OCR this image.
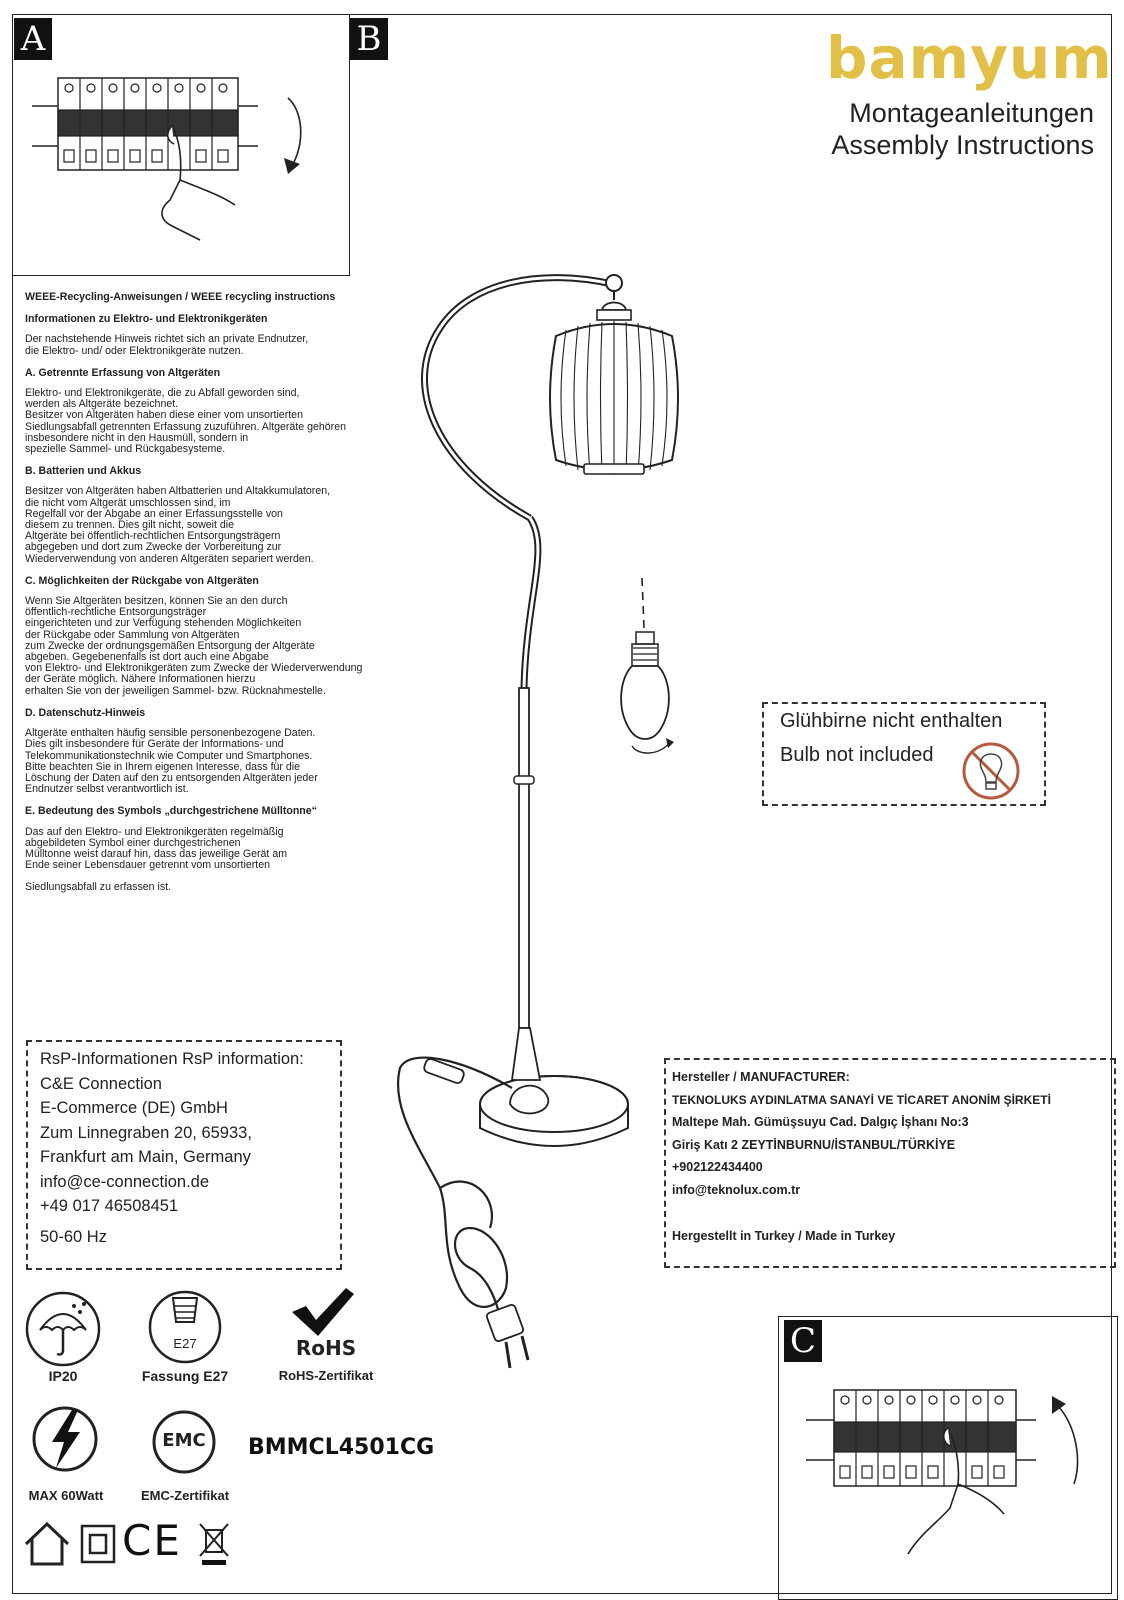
A	B	bamyum
Montageanleitungen
Assembly Instructions
WEEE-Recycling-Anweisungen / WEEE recycling instructions
Informationen zu Elektro- und Elektronikgeräten
Der nachstehende Hinweis richtet sich an private Endnutzer,
die Elektro- und/ oder Elektronikgeräte nutzen.
A. Getrennte Erfassung von Altgeräten
Elektro- und Elektronikgeräte, die zu Abfall geworden sind,
werden als Altgeräte bezeichnet.
Besitzer von Altgeräten haben diese einer vom unsortierten
Siedlungsabfall getrennten Erfassung zuzuführen. Altgeräte gehören
insbesondere nicht in den Hausmüll, sondern in
spezielle Sammel- und Rückgabesysteme.
B. Batterien und Akkus
Besitzer von Altgeräten haben Altbatterien und Altakkumulatoren,
die nicht vom Altgerät umschlossen sind, im
Regelfall vor der Abgabe an einer Erfassungsstelle von
diesem zu trennen. Dies gilt nicht, soweit die
Altgeräte bei öffentlich-rechtlichen Entsorgungsträgern
abgegeben und dort zum Zwecke der Vorbereitung zur
Wiederverwendung von anderen Altgeräten separiert werden.
C. Möglichkeiten der Rückgabe von Altgeräten
Wenn Sie Altgeräten besitzen, können Sie an den durch
öffentlich-rechtliche Entsorgungsträger
eingerichteten und zur Verfügung stehenden Möglichkeiten
der Rückgabe oder Sammlung von Altgeräten
zum Zwecke der ordnungsgemäßen Entsorgung der Altgeräte
abgeben. Gegebenenfalls ist dort auch eine Abgabe
von Elektro- und Elektronikgeräten zum Zwecke der Wiederverwendung
der Geräte möglich. Nähere Informationen hierzu
erhalten Sie von der jeweiligen Sammel- bzw. Rücknahmestelle.
D. Datenschutz-Hinweis
Altgeräte enthalten häufig sensible personenbezogene Daten.
Dies gilt insbesondere für Geräte der Informations- und
Telekommunikationstechnik wie Computer und Smartphones.
Bitte beachten Sie in Ihrem eigenen Interesse, dass für die
Löschung der Daten auf den zu entsorgenden Altgeräten jeder
Endnutzer selbst verantwortlich ist.
E. Bedeutung des Symbols „durchgestrichene Mülltonne“
Das auf den Elektro- und Elektronikgeräten regelmäßig
abgebildeten Symbol einer durchgestrichenen
Mülltonne weist darauf hin, dass das jeweilige Gerät am
Ende seiner Lebensdauer getrennt vom unsortierten
Siedlungsabfall zu erfassen ist.
Glühbirne nicht enthalten
Bulb not included
RsP-Informationen RsP information:
C&E Connection
E-Commerce (DE) GmbH
Zum Linnegraben 20, 65933,
Frankfurt am Main, Germany
info@ce-connection.de
+49 017 46508451
50-60 Hz
Hersteller / MANUFACTURER:
TEKNOLUKS AYDINLATMA SANAYİ VE TİCARET ANONİM ŞİRKETİ
Maltepe Mah. Gümüşsuyu Cad. Dalgıç İşhanı No:3
Giriş Katı 2 ZEYTİNBURNU/İSTANBUL/TÜRKİYE
+902122434400
info@teknolux.com.tr
Hergestellt in Turkey / Made in Turkey
C
IP20
E27
Fassung E27
RoHS
RoHS-Zertifikat
MAX 60Watt
EMC
EMC-Zertifikat
BMMCL4501CG
CE
